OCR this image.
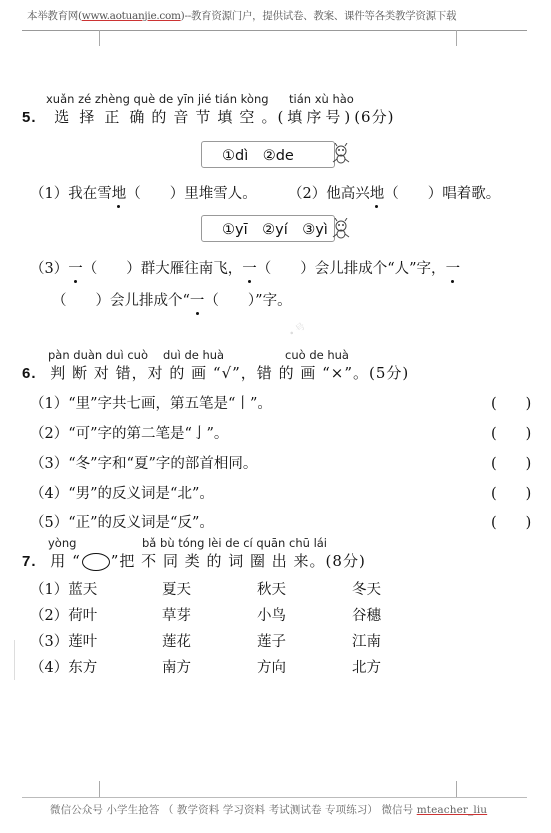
本举教育网(www.aotuanjie.com)--教育资源门户，提供试卷、教案、课件等各类教学资源下载
xuǎn zé zhèng què de yīn jié tián kòng tián xù hào
5. 选择正确的音节填空。(填序号)(6分)
①dì　②de
（1）我在雪地（　　）里堆雪人。 （2）他高兴地（　　）唱着歌。
①yī　②yí　③yì
（3）一（　　）群大雁往南飞，一（　　）会儿排成个“人”字，一
（　　）会儿排成个“一（　　）”字。
• 号
pàn duàn duì cuò duì de huà	cuò de huà
6. 判 断 对 错，对 的 画 “√”，错 的 画 “×”。(5分)
（1）“里”字共七画，第五笔是“丨”。	(　　)
（2）“可”字的第二笔是“亅”。	(　　)
（3）“冬”字和“夏”字的部首相同。	(　　)
（4）“男”的反义词是“北”。	(　　)
（5）“正”的反义词是“反”。	(　　)
yòng	bǎ bù tóng lèi de cí quān chū lái
7. 用 “ ”把 不 同 类 的 词 圈 出 来。(8分)
（1）蓝天	夏天	秋天	冬天
（2）荷叶	草芽	小鸟	谷穗
（3）莲叶	莲花	莲子	江南
（4）东方	南方	方向	北方
微信公众号 小学生抢答 （ 教学资料 学习资料 考试测试卷 专项练习） 微信号 mteacher_liu
